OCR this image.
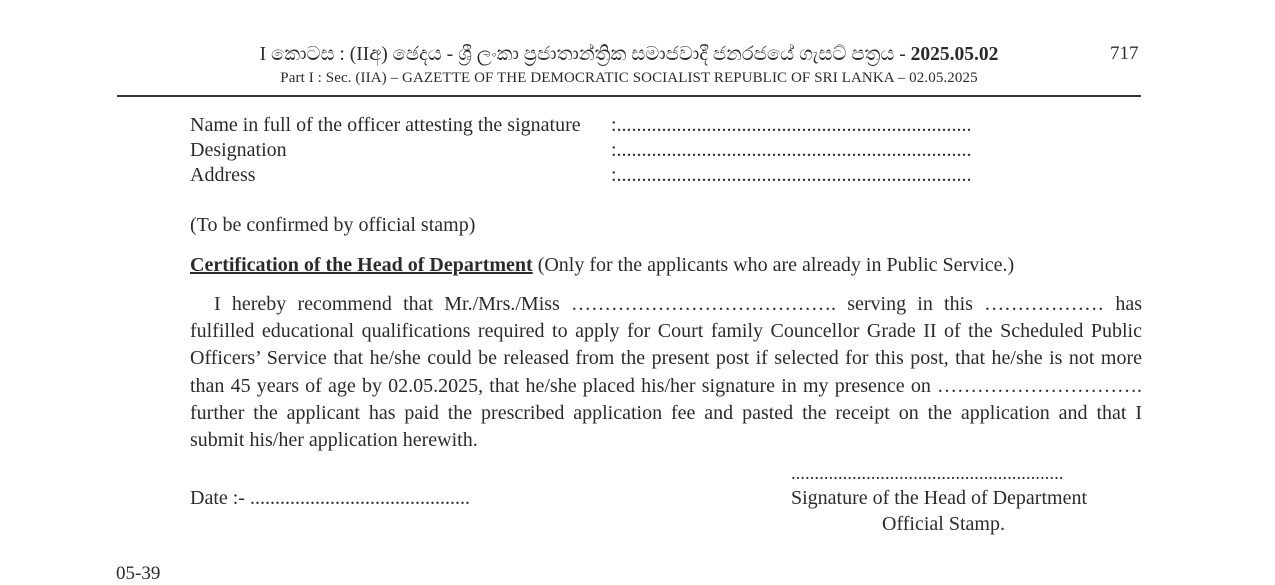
I කොටස : (IIඅ) ඡෙදය - ශ්‍රී ලංකා ප්‍රජාතාන්ත්‍රික සමාජවාදී ජනරජයේ ගැසට් පත්‍රය - 2025.05.02
Part I : Sec. (IIA) – GAZETTE OF THE DEMOCRATIC SOCIALIST REPUBLIC OF SRI LANKA – 02.05.2025
717
Name in full of the officer attesting the signature :.......................................................................
Designation	:.......................................................................
Address	:.......................................................................
(To be confirmed by official stamp)
Certification of the Head of Department (Only for the applicants who are already in Public Service.)
I hereby recommend that Mr./Mrs./Miss …………………………………. serving in this ……………… has
fulfilled educational qualifications required to apply for Court family Councellor Grade II of the Scheduled Public
Officers’ Service that he/she could be released from the present post if selected for this post, that he/she is not more
than 45 years of age by 02.05.2025, that he/she placed his/her signature in my presence on ………………………….
further the applicant has paid the prescribed application fee and pasted the receipt on the application and that I
submit his/her application herewith.
..........................................................
Signature of the Head of Department
Official Stamp.
Date :- ............................................
05-39
